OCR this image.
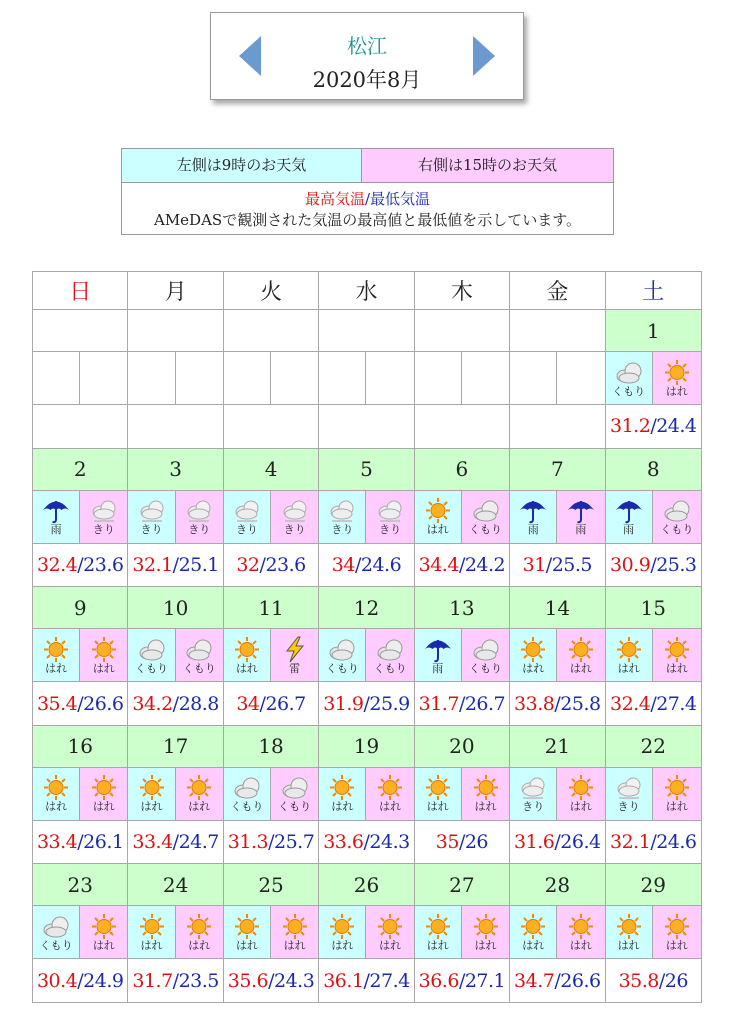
松江
2020年8月
左側は9時のお天気	右側は15時のお天気
最高気温/最低気温
AMeDASで観測された気温の最高値と最低値を示しています。
日		月		火		水		木		金		土	
												1	

												くもり	はれ

												31.2/24.4	
2		3		4		5		6		7		8	

雨	きり	きり	きり	きり	きり	きり	きり	はれ	くもり	雨	雨	雨	くもり

32.4/23.6		32.1/25.1		32/23.6		34/24.6		34.4/24.2		31/25.5		30.9/25.3	
9		10		11		12		13		14		15	

はれ	はれ	くもり	くもり	はれ	雷	くもり	くもり	雨	くもり	はれ	はれ	はれ	はれ

35.4/26.6		34.2/28.8		34/26.7		31.9/25.9		31.7/26.7		33.8/25.8		32.4/27.4	
16		17		18		19		20		21		22	

はれ	はれ	はれ	はれ	くもり	くもり	はれ	はれ	はれ	はれ	きり	はれ	きり	はれ

33.4/26.1		33.4/24.7		31.3/25.7		33.6/24.3		35/26		31.6/26.4		32.1/24.6	
23		24		25		26		27		28		29	

くもり	はれ	はれ	はれ	はれ	はれ	はれ	はれ	はれ	はれ	はれ	はれ	はれ	はれ

30.4/24.9		31.7/23.5		35.6/24.3		36.1/27.4		36.6/27.1		34.7/26.6		35.8/26	
